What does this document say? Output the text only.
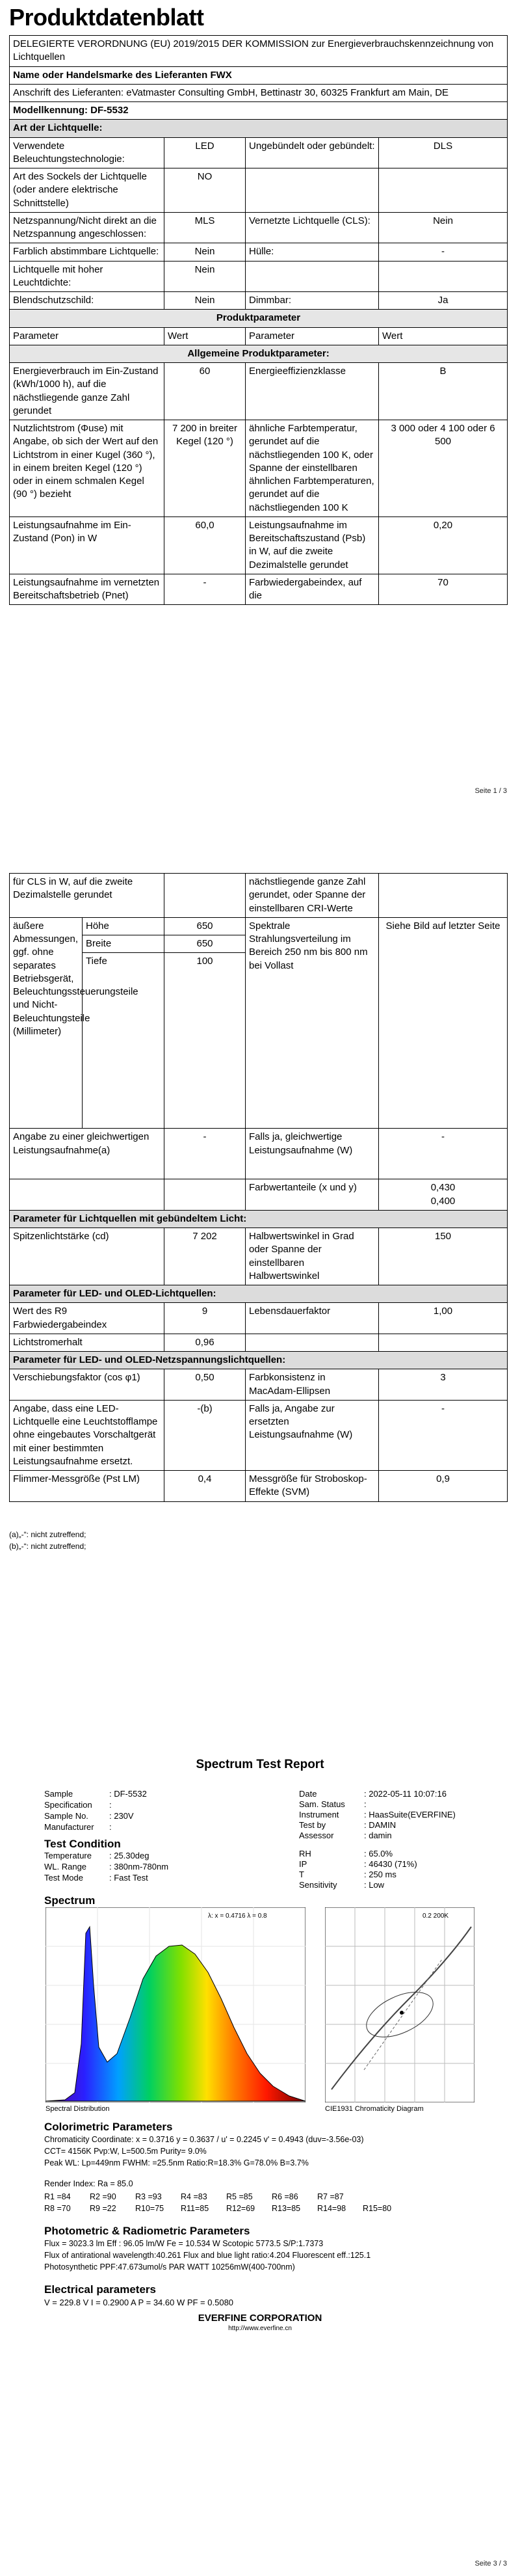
Produktdatenblatt
DELEGIERTE VERORDNUNG (EU) 2019/2015 DER KOMMISSION zur Energieverbrauchskennzeichnung von Lichtquellen			
Name oder Handelsmarke des Lieferanten FWX			
Anschrift des Lieferanten: eVatmaster Consulting GmbH, Bettinastr 30, 60325 Frankfurt am Main, DE			
Modellkennung: DF-5532			
Art der Lichtquelle:			
Verwendete Beleuchtungstechnologie:	LED	Ungebündelt oder gebündelt:	DLS
Art des Sockels der Lichtquelle (oder andere elektrische Schnittstelle)	NO		
Netzspannung/Nicht direkt an die Netzspannung angeschlossen:	MLS	Vernetzte Lichtquelle (CLS):	Nein
Farblich abstimmbare Lichtquelle:	Nein	Hülle:	-
Lichtquelle mit hoher Leuchtdichte:	Nein		
Blendschutzschild:	Nein	Dimmbar:	Ja
Produktparameter			
Parameter	Wert	Parameter	Wert
Allgemeine Produktparameter:			
Energieverbrauch im Ein-Zustand (kWh/1000 h), auf die nächstliegende ganze Zahl gerundet	60	Energieeffizienzklasse	B
Nutzlichtstrom (Φuse) mit Angabe, ob sich der Wert auf den Lichtstrom in einer Kugel (360 °), in einem breiten Kegel (120 °) oder in einem schmalen Kegel (90 °) bezieht	7 200 in breiter Kegel (120 °)	ähnliche Farbtemperatur, gerundet auf die nächstliegenden 100 K, oder Spanne der einstellbaren ähnlichen Farbtemperaturen, gerundet auf die nächstliegenden 100 K	3 000 oder 4 100 oder 6 500
Leistungsaufnahme im Ein-Zustand (Pon) in W	60,0	Leistungsaufnahme im Bereitschaftszustand (Psb) in W, auf die zweite Dezimalstelle gerundet	0,20
Leistungsaufnahme im vernetzten Bereitschaftsbetrieb (Pnet)	-	Farbwiedergabeindex, auf die	70
Seite 1 / 3
für CLS in W, auf die zweite Dezimalstelle gerundet			nächstliegende ganze Zahl gerundet, oder Spanne der einstellbaren CRI-Werte	
äußere Abmessungen, ggf. ohne separates Betriebsgerät, Beleuchtungssteuerungsteile und Nicht-Beleuchtungsteile (Millimeter)	Höhe	650	Spektrale Strahlungsverteilung im Bereich 250 nm bis 800 nm bei Vollast	Siehe Bild auf letzter Seite
	Breite	650		
	Tiefe	100		
Angabe zu einer gleichwertigen Leistungsaufnahme(a)		-	Falls ja, gleichwertige Leistungsaufnahme (W)	-
			Farbwertanteile (x und y)	0,430
0,400

Parameter für Lichtquellen mit gebündeltem Licht:				
Spitzenlichtstärke (cd)		7 202	Halbwertswinkel in Grad oder Spanne der einstellbaren Halbwertswinkel	150
Parameter für LED- und OLED-Lichtquellen:				
Wert des R9 Farbwiedergabeindex		9	Lebensdauerfaktor	1,00
Lichtstromerhalt		0,96		
Parameter für LED- und OLED-Netzspannungslichtquellen:				
Verschiebungsfaktor (cos φ1)		0,50	Farbkonsistenz in MacAdam-Ellipsen	3
Angabe, dass eine LED-Lichtquelle eine Leuchtstofflampe ohne eingebautes Vorschaltgerät mit einer bestimmten Leistungsaufnahme ersetzt.		-(b)	Falls ja, Angabe zur ersetzten Leistungsaufnahme (W)	-
Flimmer-Messgröße (Pst LM)		0,4	Messgröße für Stroboskop-Effekte (SVM)	0,9
(a)„-“: nicht zutreffend;
(b)„-“: nicht zutreffend;
Spectrum Test Report
Sample	: DF-5532
Specification :
Sample No. : 230V
Manufacturer :
Date	: 2022-05-11 10:07:16
Sam. Status :
Instrument	: HaasSuite(EVERFINE)
Test by	: DAMIN
Assessor	: damin
Test Condition
Temperature : 25.30deg
WL. Range	: 380nm-780nm
Test Mode	: Fast Test
RH	: 65.0%
IP	: 46430 (71%)
T	: 250 ms
Sensitivity	: Low
Spectrum
λ: x = 0.4716 λ = 0.8	0.2 200K
Spectral Distribution	CIE1931 Chromaticity Diagram
Colorimetric Parameters
Chromaticity Coordinate: x = 0.3716 y = 0.3637 / u' = 0.2245 v' = 0.4943 (duv=-3.56e-03)
CCT= 4156K Pvp:W, L=500.5m Purity= 9.0%
Peak WL: Lp=449nm FWHM: =25.5nm Ratio:R=18.3% G=78.0% B=3.7%
Render Index: Ra = 85.0
R1 =84 R2 =90 R3 =93 R4 =83 R5 =85 R6 =86 R7 =87
R8 =70 R9 =22 R10=75 R11=85 R12=69 R13=85 R14=98 R15=80
Photometric & Radiometric Parameters
Flux = 3023.3 lm Eff : 96.05 lm/W Fe = 10.534 W Scotopic 5773.5 S/P:1.7373
Flux of antirational wavelength:40.261 Flux and blue light ratio:4.204 Fluorescent eff.:125.1
Photosynthetic PPF:47.673umol/s PAR WATT 10256mW(400-700nm)
Electrical parameters
V = 229.8 V I = 0.2900 A P = 34.60 W PF = 0.5080
EVERFINE CORPORATION
http://www.everfine.cn
Seite 3 / 3
